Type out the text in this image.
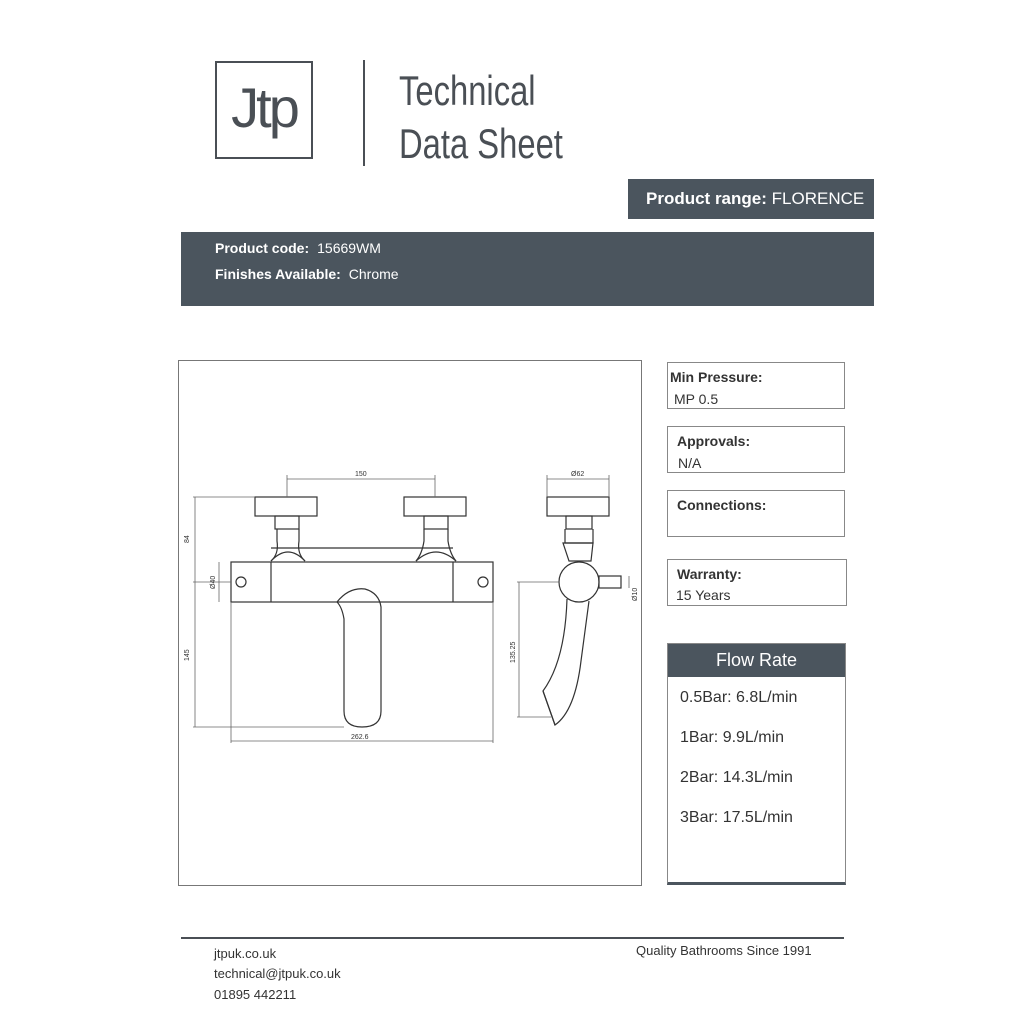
Jtp	Technical
Data Sheet
Product range: FLORENCE
Product code: 15669WM
Finishes Available: Chrome
150
84
Ø40
145
262.6
Ø62
135.25
Ø10
Min Pressure:
MP 0.5
Approvals:
N/A
Connections:
Warranty:
15 Years
Flow Rate
0.5Bar: 6.8L/min
1Bar: 9.9L/min
2Bar: 14.3L/min
3Bar: 17.5L/min
jtpuk.co.uk
technical@jtpuk.co.uk
01895 442211
Quality Bathrooms Since 1991
